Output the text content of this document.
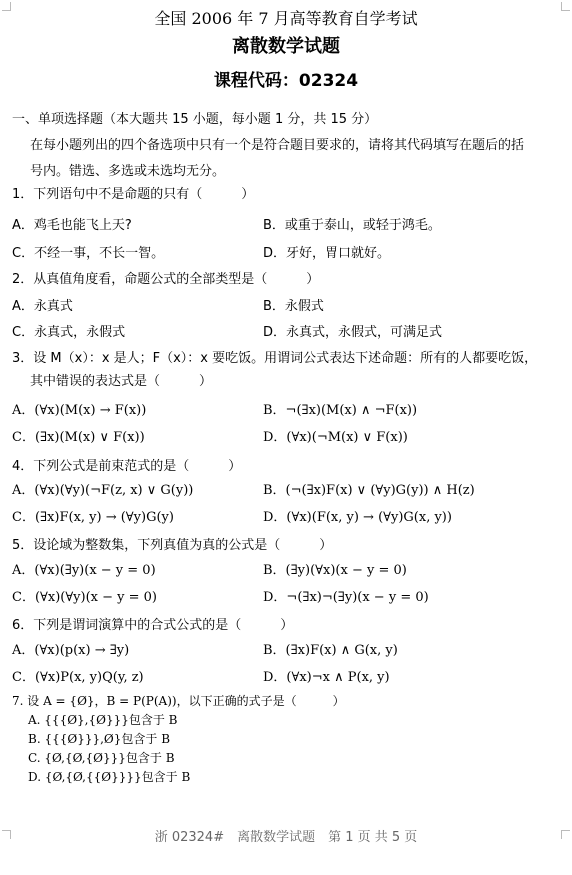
全国 2006 年 7 月高等教育自学考试
离散数学试题
课程代码：02324
一、单项选择题（本大题共 15 小题，每小题 1 分，共 15 分）
在每小题列出的四个备选项中只有一个是符合题目要求的，请将其代码填写在题后的括
号内。错选、多选或未选均无分。
1．下列语句中不是命题的只有（　　　）
A．鸡毛也能飞上天?	B．或重于泰山，或轻于鸿毛。
C．不经一事，不长一智。	D．牙好，胃口就好。
2．从真值角度看，命题公式的全部类型是（　　　）
A．永真式	B．永假式
C．永真式，永假式	D．永真式，永假式，可满足式
3．设 M（x）：x 是人；F（x）：x 要吃饭。用谓词公式表达下述命题：所有的人都要吃饭，
其中错误的表达式是（　　　）
A．(∀x)(M(x) → F(x))	B．¬(∃x)(M(x) ∧ ¬F(x))
C．(∃x)(M(x) ∨ F(x))	D．(∀x)(¬M(x) ∨ F(x))
4．下列公式是前束范式的是（　　　）
A．(∀x)(∀y)(¬F(z, x) ∨ G(y))	B．(¬(∃x)F(x) ∨ (∀y)G(y)) ∧ H(z)
C．(∃x)F(x, y) → (∀y)G(y)	D．(∀x)(F(x, y) → (∀y)G(x, y))
5．设论域为整数集，下列真值为真的公式是（　　　）
A．(∀x)(∃y)(x − y = 0)	B．(∃y)(∀x)(x − y = 0)
C．(∀x)(∀y)(x − y = 0)	D．¬(∃x)¬(∃y)(x − y = 0)
6．下列是谓词演算中的合式公式的是（　　　）
A．(∀x)(p(x) → ∃y)	B．(∃x)F(x) ∧ G(x, y)
C．(∀x)P(x, y)Q(y, z)	D．(∀x)¬x ∧ P(x, y)
7. 设 A = {Ø}，B = P(P(A))，以下正确的式子是（　　　）
A. {{{Ø},{Ø}}}包含于 B
B. {{{Ø}}},Ø}包含于 B
C. {Ø,{Ø,{Ø}}}包含于 B
D. {Ø,{Ø,{{Ø}}}}包含于 B
浙 02324#　离散数学试题　第 1 页 共 5 页
